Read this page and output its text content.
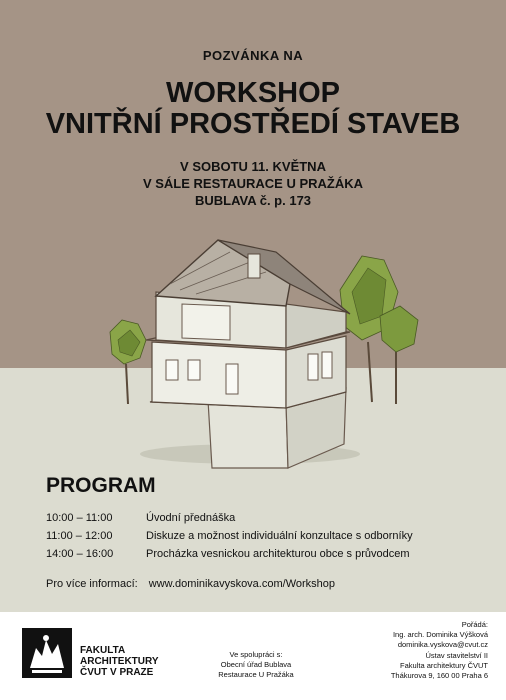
POZVÁNKA NA
WORKSHOP
VNITŘNÍ PROSTŘEDÍ STAVEB
V SOBOTU 11. KVĚTNA
V SÁLE RESTAURACE U PRAŽÁKA
BUBLAVA č. p. 173
PROGRAM
10:00 – 11:00	Úvodní přednáška
11:00 – 12:00	Diskuze a možnost individuální konzultace s odborníky
14:00 – 16:00	Procházka vesnickou architekturou obce s průvodcem
Pro více informací: www.dominikavyskova.com/Workshop
FAKULTA
ARCHITEKTURY
ČVUT V PRAZE
Ve spolupráci s:
Obecní úřad Bublava
Restaurace U Pražáka
Pořádá:
Ing. arch. Dominika Výšková
dominika.vyskova@cvut.cz
Ústav stavitelství II
Fakulta architektury ČVUT
Thákurova 9, 160 00 Praha 6
